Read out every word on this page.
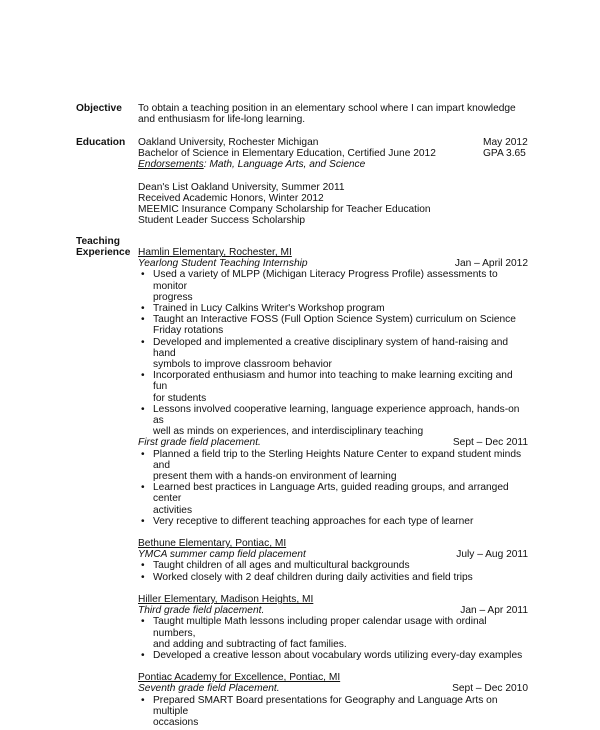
Objective To obtain a teaching position in an elementary school where I can impart knowledge
and enthusiasm for life-long learning.
Education Oakland University, Rochester Michigan	May 2012
Bachelor of Science in Elementary Education, Certified June 2012	GPA 3.65
Endorsements: Math, Language Arts, and Science
Dean's List Oakland University, Summer 2011
Received Academic Honors, Winter 2012
MEEMIC Insurance Company Scholarship for Teacher Education
Student Leader Success Scholarship
Teaching
Experience Hamlin Elementary, Rochester, MI
Yearlong Student Teaching Internship	Jan – April 2012
• Used a variety of MLPP (Michigan Literacy Progress Profile) assessments to monitor
progress
• Trained in Lucy Calkins Writer's Workshop program
• Taught an Interactive FOSS (Full Option Science System) curriculum on Science
Friday rotations
• Developed and implemented a creative disciplinary system of hand-raising and hand
symbols to improve classroom behavior
• Incorporated enthusiasm and humor into teaching to make learning exciting and fun
for students
• Lessons involved cooperative learning, language experience approach, hands-on as
well as minds on experiences, and interdisciplinary teaching
First grade field placement.	Sept – Dec 2011
• Planned a field trip to the Sterling Heights Nature Center to expand student minds and
present them with a hands-on environment of learning
• Learned best practices in Language Arts, guided reading groups, and arranged center
activities
• Very receptive to different teaching approaches for each type of learner
Bethune Elementary, Pontiac, MI
YMCA summer camp field placement	July – Aug 2011
• Taught children of all ages and multicultural backgrounds
• Worked closely with 2 deaf children during daily activities and field trips
Hiller Elementary, Madison Heights, MI
Third grade field placement.	Jan – Apr 2011
• Taught multiple Math lessons including proper calendar usage with ordinal numbers,
and adding and subtracting of fact families.
• Developed a creative lesson about vocabulary words utilizing every-day examples
Pontiac Academy for Excellence, Pontiac, MI
Seventh grade field Placement.	Sept – Dec 2010
• Prepared SMART Board presentations for Geography and Language Arts on multiple
occasions
